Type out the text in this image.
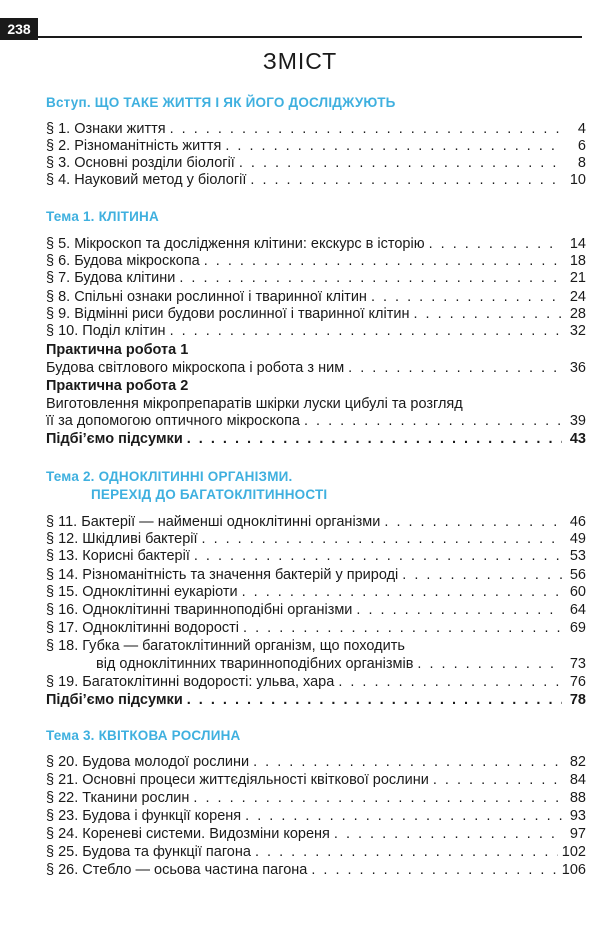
238
ЗМІСТ
Вступ. ЩО ТАКЕ ЖИТТЯ І ЯК ЙОГО ДОСЛІДЖУЮТЬ
§ 1. Ознаки життя . . .	4
§ 2. Різноманітність життя . . .	6
§ 3. Основні розділи біології . . .	8
§ 4. Науковий метод у біології . . .	10
Тема 1. КЛІТИНА
§ 5. Мікроскоп та дослідження клітини: екскурс в історію . . .	14
§ 6. Будова мікроскопа . . .	18
§ 7. Будова клітини . . .	21
§ 8. Спільні ознаки рослинної і тваринної клітин . . .	24
§ 9. Відмінні риси будови рослинної і тваринної клітин . . .	28
§ 10. Поділ клітин . . .	32
Практична робота 1
Будова світлового мікроскопа і робота з ним . . .	36
Практична робота 2
Виготовлення мікропрепаратів шкірки луски цибулі та розгляд
її за допомогою оптичного мікроскопа . . .	39
Підбі’ємо підсумки . . .	43
Тема 2. ОДНОКЛІТИННІ ОРГАНІЗМИ.
ПЕРЕХІД ДО БАГАТОКЛІТИННОСТІ
§ 11. Бактерії — найменші одноклітинні організми . . .	46
§ 12. Шкідливі бактерії . . .	49
§ 13. Корисні бактерії . . .	53
§ 14. Різноманітність та значення бактерій у природі . . .	56
§ 15. Одноклітинні еукаріоти . . .	60
§ 16. Одноклітинні тваринноподібні організми . . .	64
§ 17. Одноклітинні водорості . . .	69
§ 18. Губка — багатоклітинний організм, що походить
від одноклітинних тваринноподібних організмів . . .	73
§ 19. Багатоклітинні водорості: ульва, хара . . .	76
Підбі’ємо підсумки . . .	78
Тема 3. КВІТКОВА РОСЛИНА
§ 20. Будова молодої рослини . . .	82
§ 21. Основні процеси життєдіяльності квіткової рослини . . .	84
§ 22. Тканини рослин . . .	88
§ 23. Будова і функції кореня . . .	93
§ 24. Кореневі системи. Видозміни кореня . . .	97
§ 25. Будова та функції пагона . . .	102
§ 26. Стебло — осьова частина пагона . . .	106
